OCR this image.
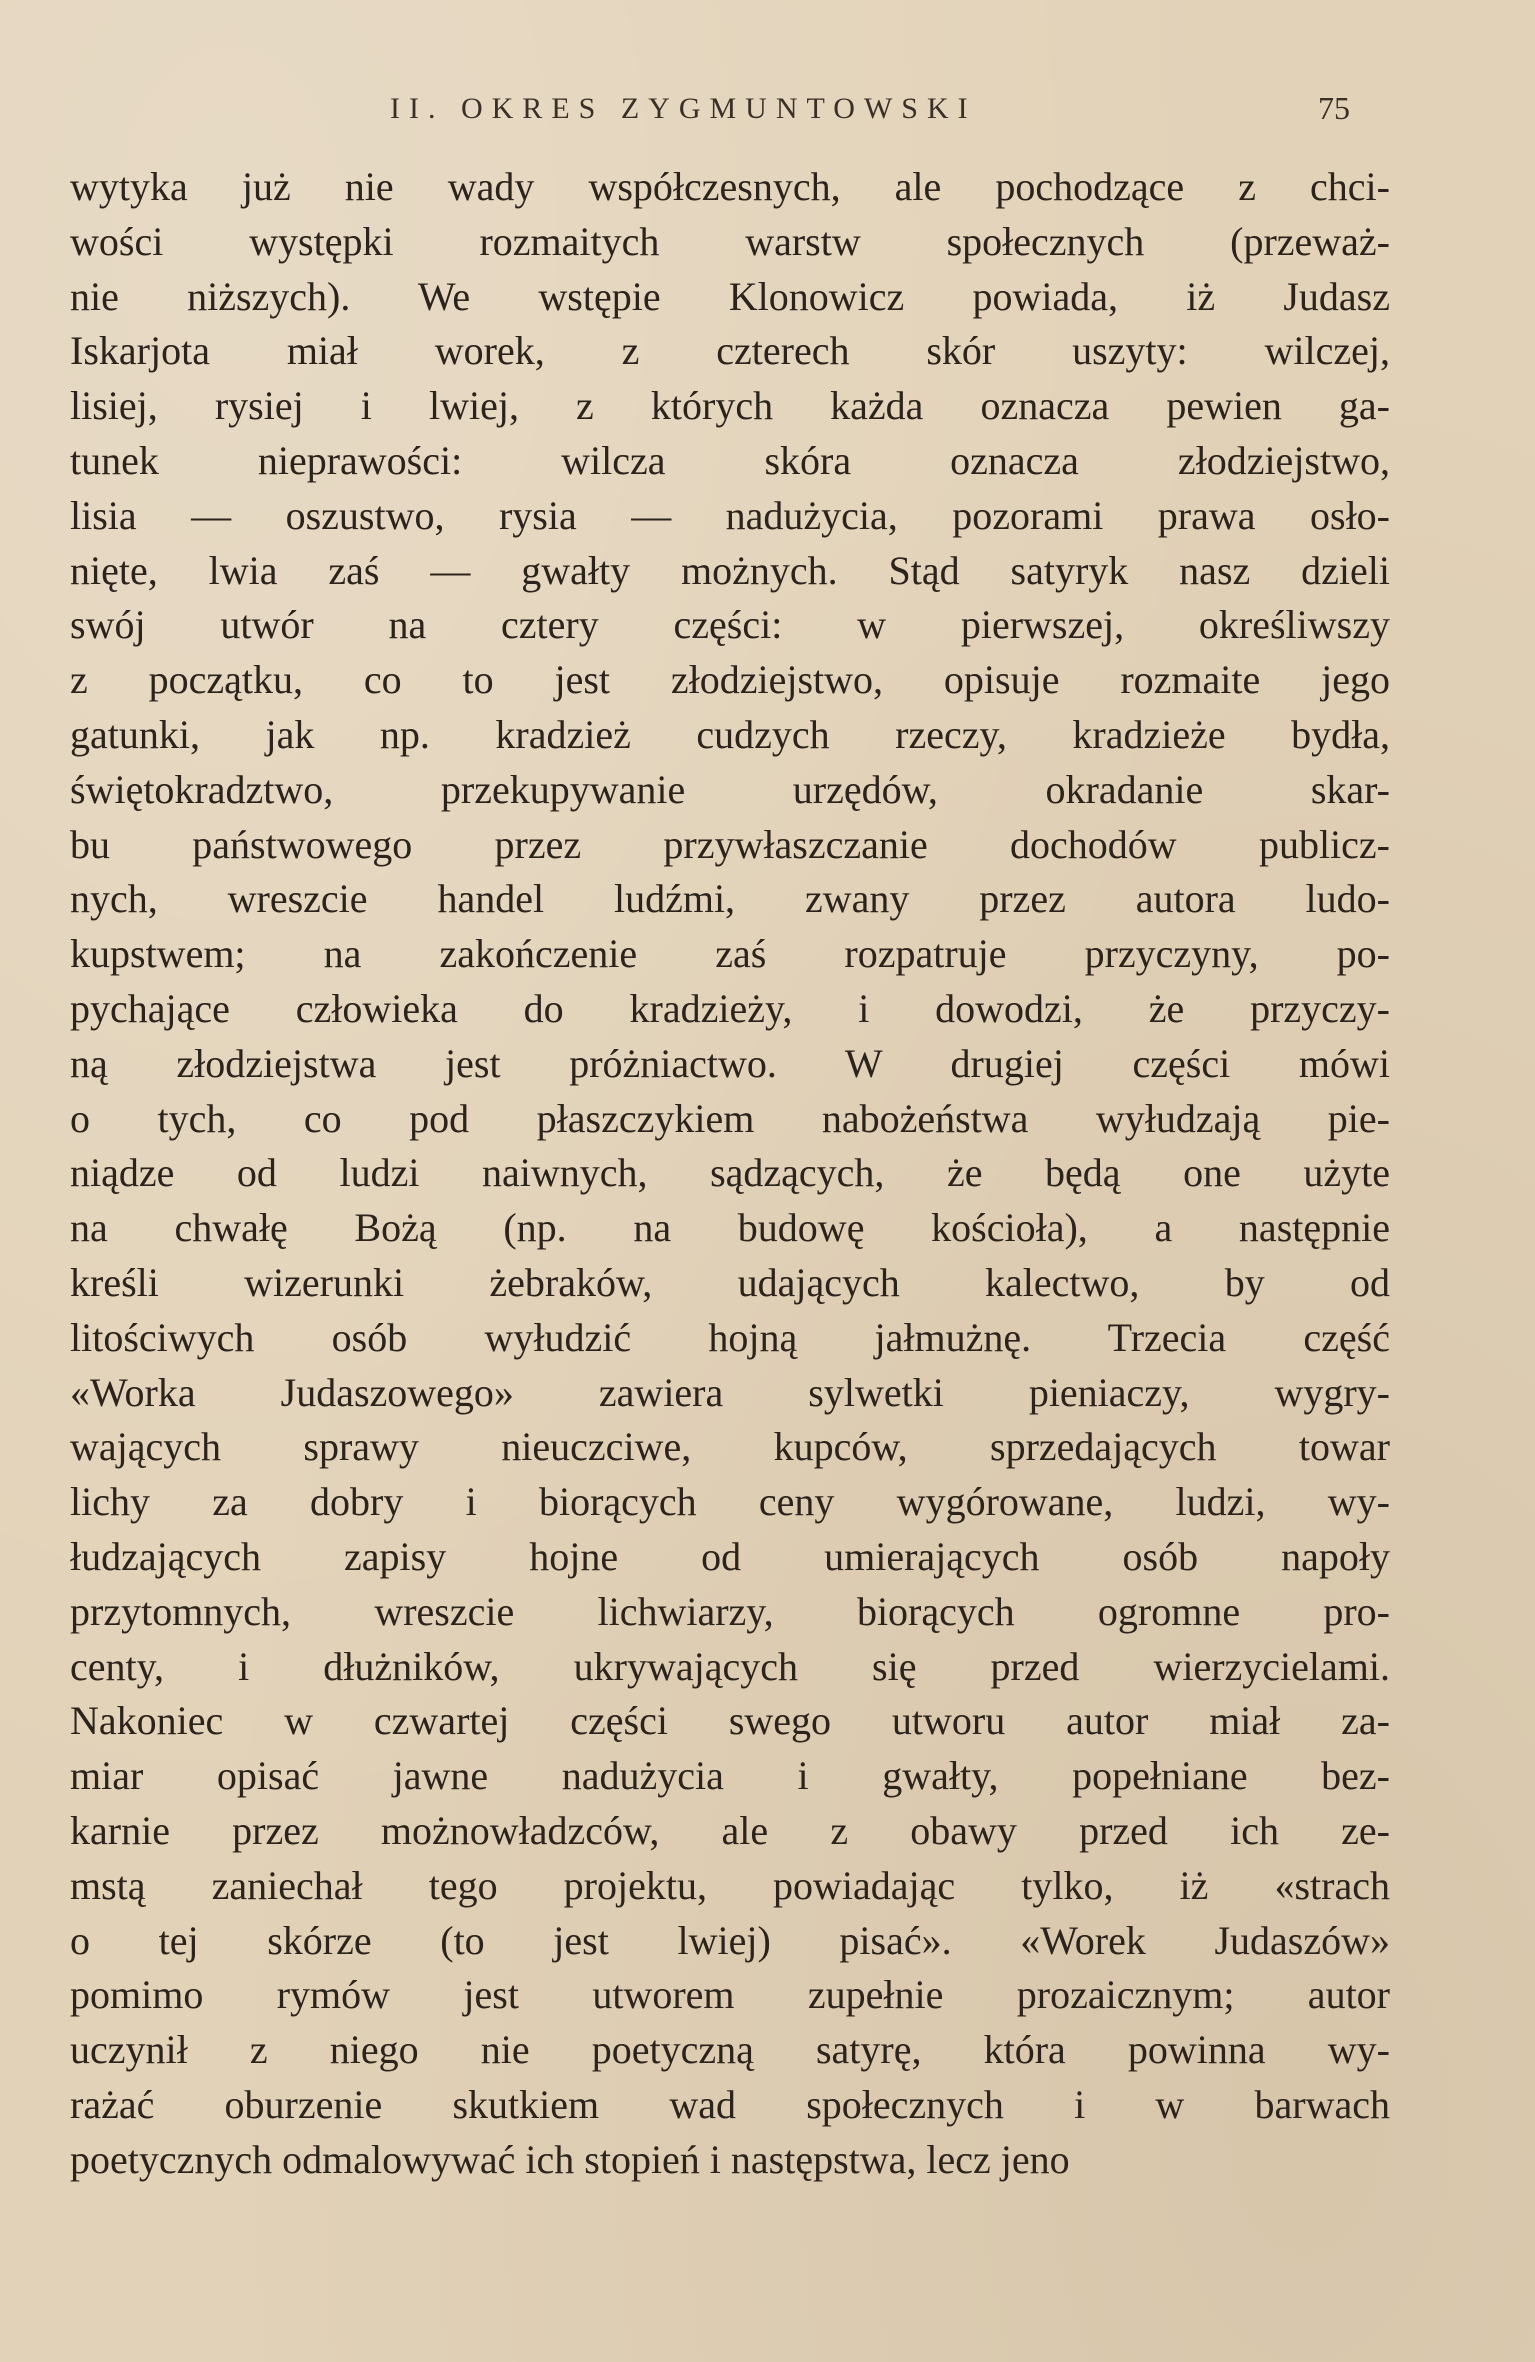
II. OKRES ZYGMUNTOWSKI	75
wytyka już nie wady współczesnych, ale pochodzące z chci-
wości występki rozmaitych warstw społecznych (przeważ-
nie niższych). We wstępie Klonowicz powiada, iż Judasz
Iskarjota miał worek, z czterech skór uszyty: wilczej,
lisiej, rysiej i lwiej, z których każda oznacza pewien ga-
tunek nieprawości: wilcza skóra oznacza złodziejstwo,
lisia — oszustwo, rysia — nadużycia, pozorami prawa osło-
nięte, lwia zaś — gwałty możnych. Stąd satyryk nasz dzieli
swój utwór na cztery części: w pierwszej, określiwszy
z początku, co to jest złodziejstwo, opisuje rozmaite jego
gatunki, jak np. kradzież cudzych rzeczy, kradzieże bydła,
świętokradztwo, przekupywanie urzędów, okradanie skar-
bu państwowego przez przywłaszczanie dochodów publicz-
nych, wreszcie handel ludźmi, zwany przez autora ludo-
kupstwem; na zakończenie zaś rozpatruje przyczyny, po-
pychające człowieka do kradzieży, i dowodzi, że przyczy-
ną złodziejstwa jest próżniactwo. W drugiej części mówi
o tych, co pod płaszczykiem nabożeństwa wyłudzają pie-
niądze od ludzi naiwnych, sądzących, że będą one użyte
na chwałę Bożą (np. na budowę kościoła), a następnie
kreśli wizerunki żebraków, udających kalectwo, by od
litościwych osób wyłudzić hojną jałmużnę. Trzecia część
«Worka Judaszowego» zawiera sylwetki pieniaczy, wygry-
wających sprawy nieuczciwe, kupców, sprzedających towar
lichy za dobry i biorących ceny wygórowane, ludzi, wy-
łudzających zapisy hojne od umierających osób napoły
przytomnych, wreszcie lichwiarzy, biorących ogromne pro-
centy, i dłużników, ukrywających się przed wierzycielami.
Nakoniec w czwartej części swego utworu autor miał za-
miar opisać jawne nadużycia i gwałty, popełniane bez-
karnie przez możnowładzców, ale z obawy przed ich ze-
mstą zaniechał tego projektu, powiadając tylko, iż «strach
o tej skórze (to jest lwiej) pisać». «Worek Judaszów»
pomimo rymów jest utworem zupełnie prozaicznym; autor
uczynił z niego nie poetyczną satyrę, która powinna wy-
rażać oburzenie skutkiem wad społecznych i w barwach
poetycznych odmalowywać ich stopień i następstwa, lecz jeno
